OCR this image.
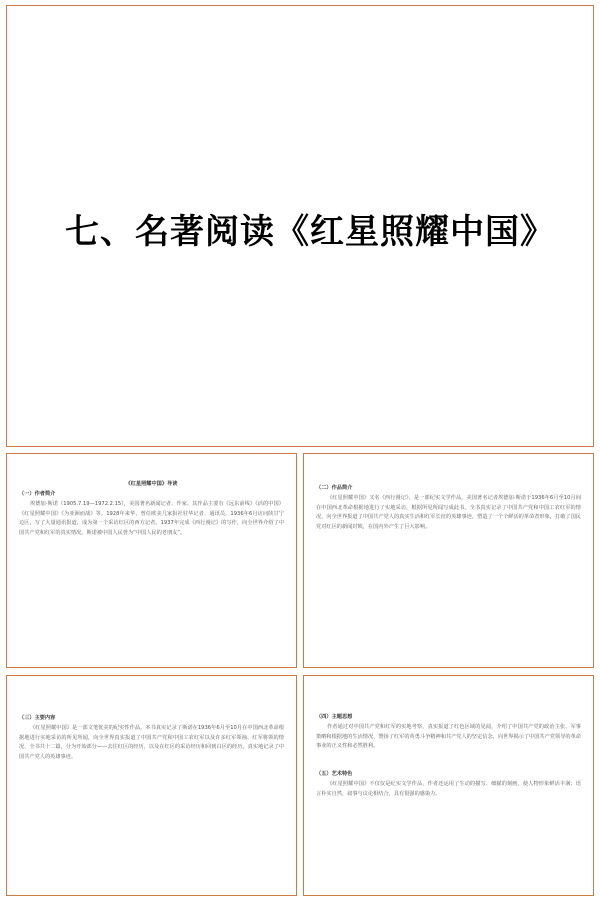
七、名著阅读《红星照耀中国》
《红星照耀中国》导读
（一）作者简介
埃德加·斯诺（1905.7.19—1972.2.15），美国著名新闻记者、作家。其作品主要有《远东前线》《活的中国》《红星照耀中国》《为亚洲而战》等。1928年来华，曾任欧美几家报社驻华记者、通讯员。1936年6月访问陕甘宁边区，写了大量通讯报道，成为第一个采访红区的西方记者。1937年完成《西行漫记》的写作，向全世界介绍了中国共产党和红军的真实情况。斯诺被中国人民誉为“中国人民的老朋友”。
（二）作品简介
《红星照耀中国》又名《西行漫记》，是一部纪实文学作品。美国著名记者埃德加·斯诺于1936年6月至10月间在中国西北革命根据地进行了实地采访，根据所见所闻写成此书。全书真实记录了中国共产党和中国工农红军的情况，向全世界报道了中国共产党人的真实生活和红军长征的英雄事迹，塑造了一个个鲜活的革命者形象，打破了国民党对红区的新闻封锁，在国内外产生了巨大影响。
（三）主要内容
《红星照耀中国》是一部文笔优美的纪实性作品。本书真实记录了斯诺在1936年6月至10月在中国西北革命根据地进行实地采访的所见所闻，向全世界真实报道了中国共产党和中国工农红军以及许多红军领袖、红军将领的情况，全书共十二篇，分为开始部分——去往红区的经历，以及在红区的采访经历和回到白区的经历，真实地记录了中国共产党人的英雄事迹。
（四）主题思想
作者通过对中国共产党和红军的实地考察，真实报道了红色区域的见闻，介绍了中国共产党的政治主张、军事策略和根据地的生活情况，赞扬了红军的英勇斗争精神和共产党人的坚定信念，向世界揭示了中国共产党领导的革命事业的正义性和必然胜利。
（五）艺术特色
《红星照耀中国》不仅仅是纪实文学作品，作者还运用了生动的描写、细腻的刻画，使人物形象鲜活丰满；语言朴实自然，叙事与议论相结合，具有很强的感染力。
